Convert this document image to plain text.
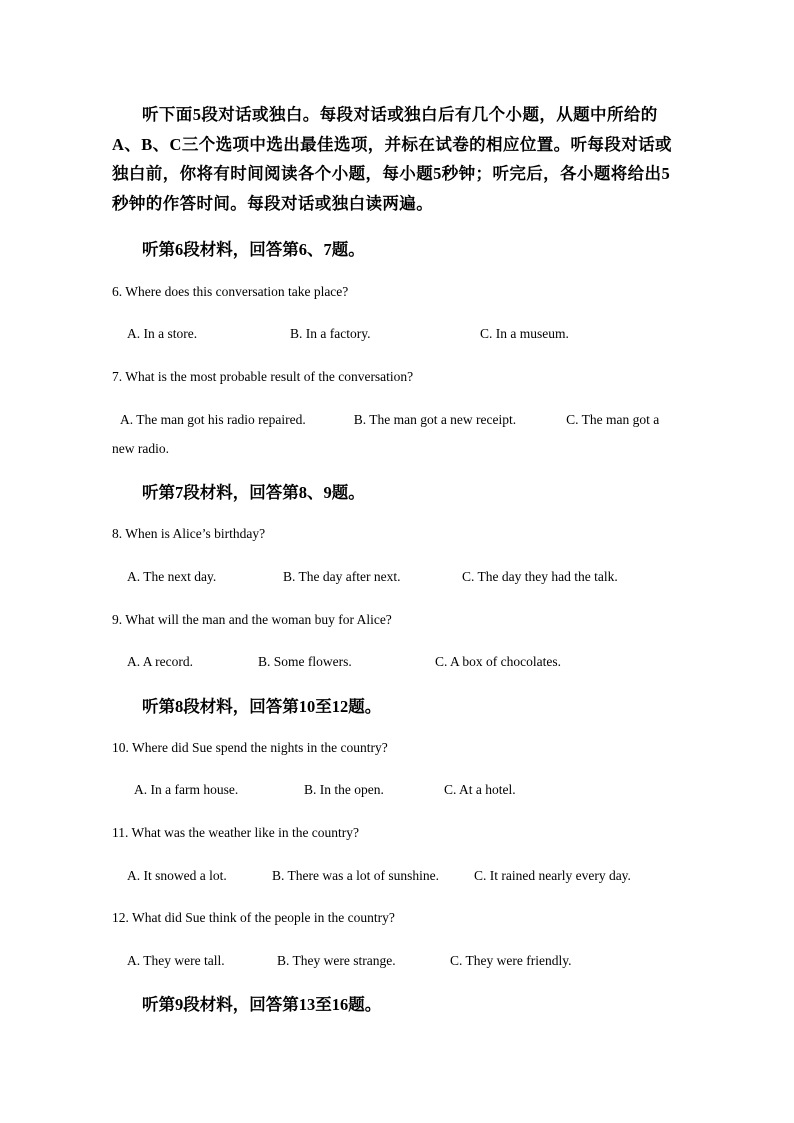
听下面5段对话或独白。每段对话或独白后有几个小题，从题中所给的A、B、C三个选项中选出最佳选项，并标在试卷的相应位置。听每段对话或独白前，你将有时间阅读各个小题，每小题5秒钟；听完后，各小题将给出5秒钟的作答时间。每段对话或独白读两遍。

听第6段材料，回答第6、7题。

6. Where does this conversation take place?

A. In a store.	B. In a factory.	C. In a museum.

7. What is the most probable result of the conversation?

A. The man got his radio repaired.	B. The man got a new receipt.	C. The man got a new radio.

听第7段材料，回答第8、9题。

8. When is Alice’s birthday?

A. The next day.	B. The day after next.	C. The day they had the talk.

9. What will the man and the woman buy for Alice?

A. A record.	B. Some flowers.	C. A box of chocolates.

听第8段材料，回答第10至12题。

10. Where did Sue spend the nights in the country?

A. In a farm house.	B. In the open.	C. At a hotel.

11. What was the weather like in the country?

A. It snowed a lot.	B. There was a lot of sunshine.	C. It rained nearly every day.

12. What did Sue think of the people in the country?

A. They were tall.	B. They were strange.	C. They were friendly.

听第9段材料，回答第13至16题。
